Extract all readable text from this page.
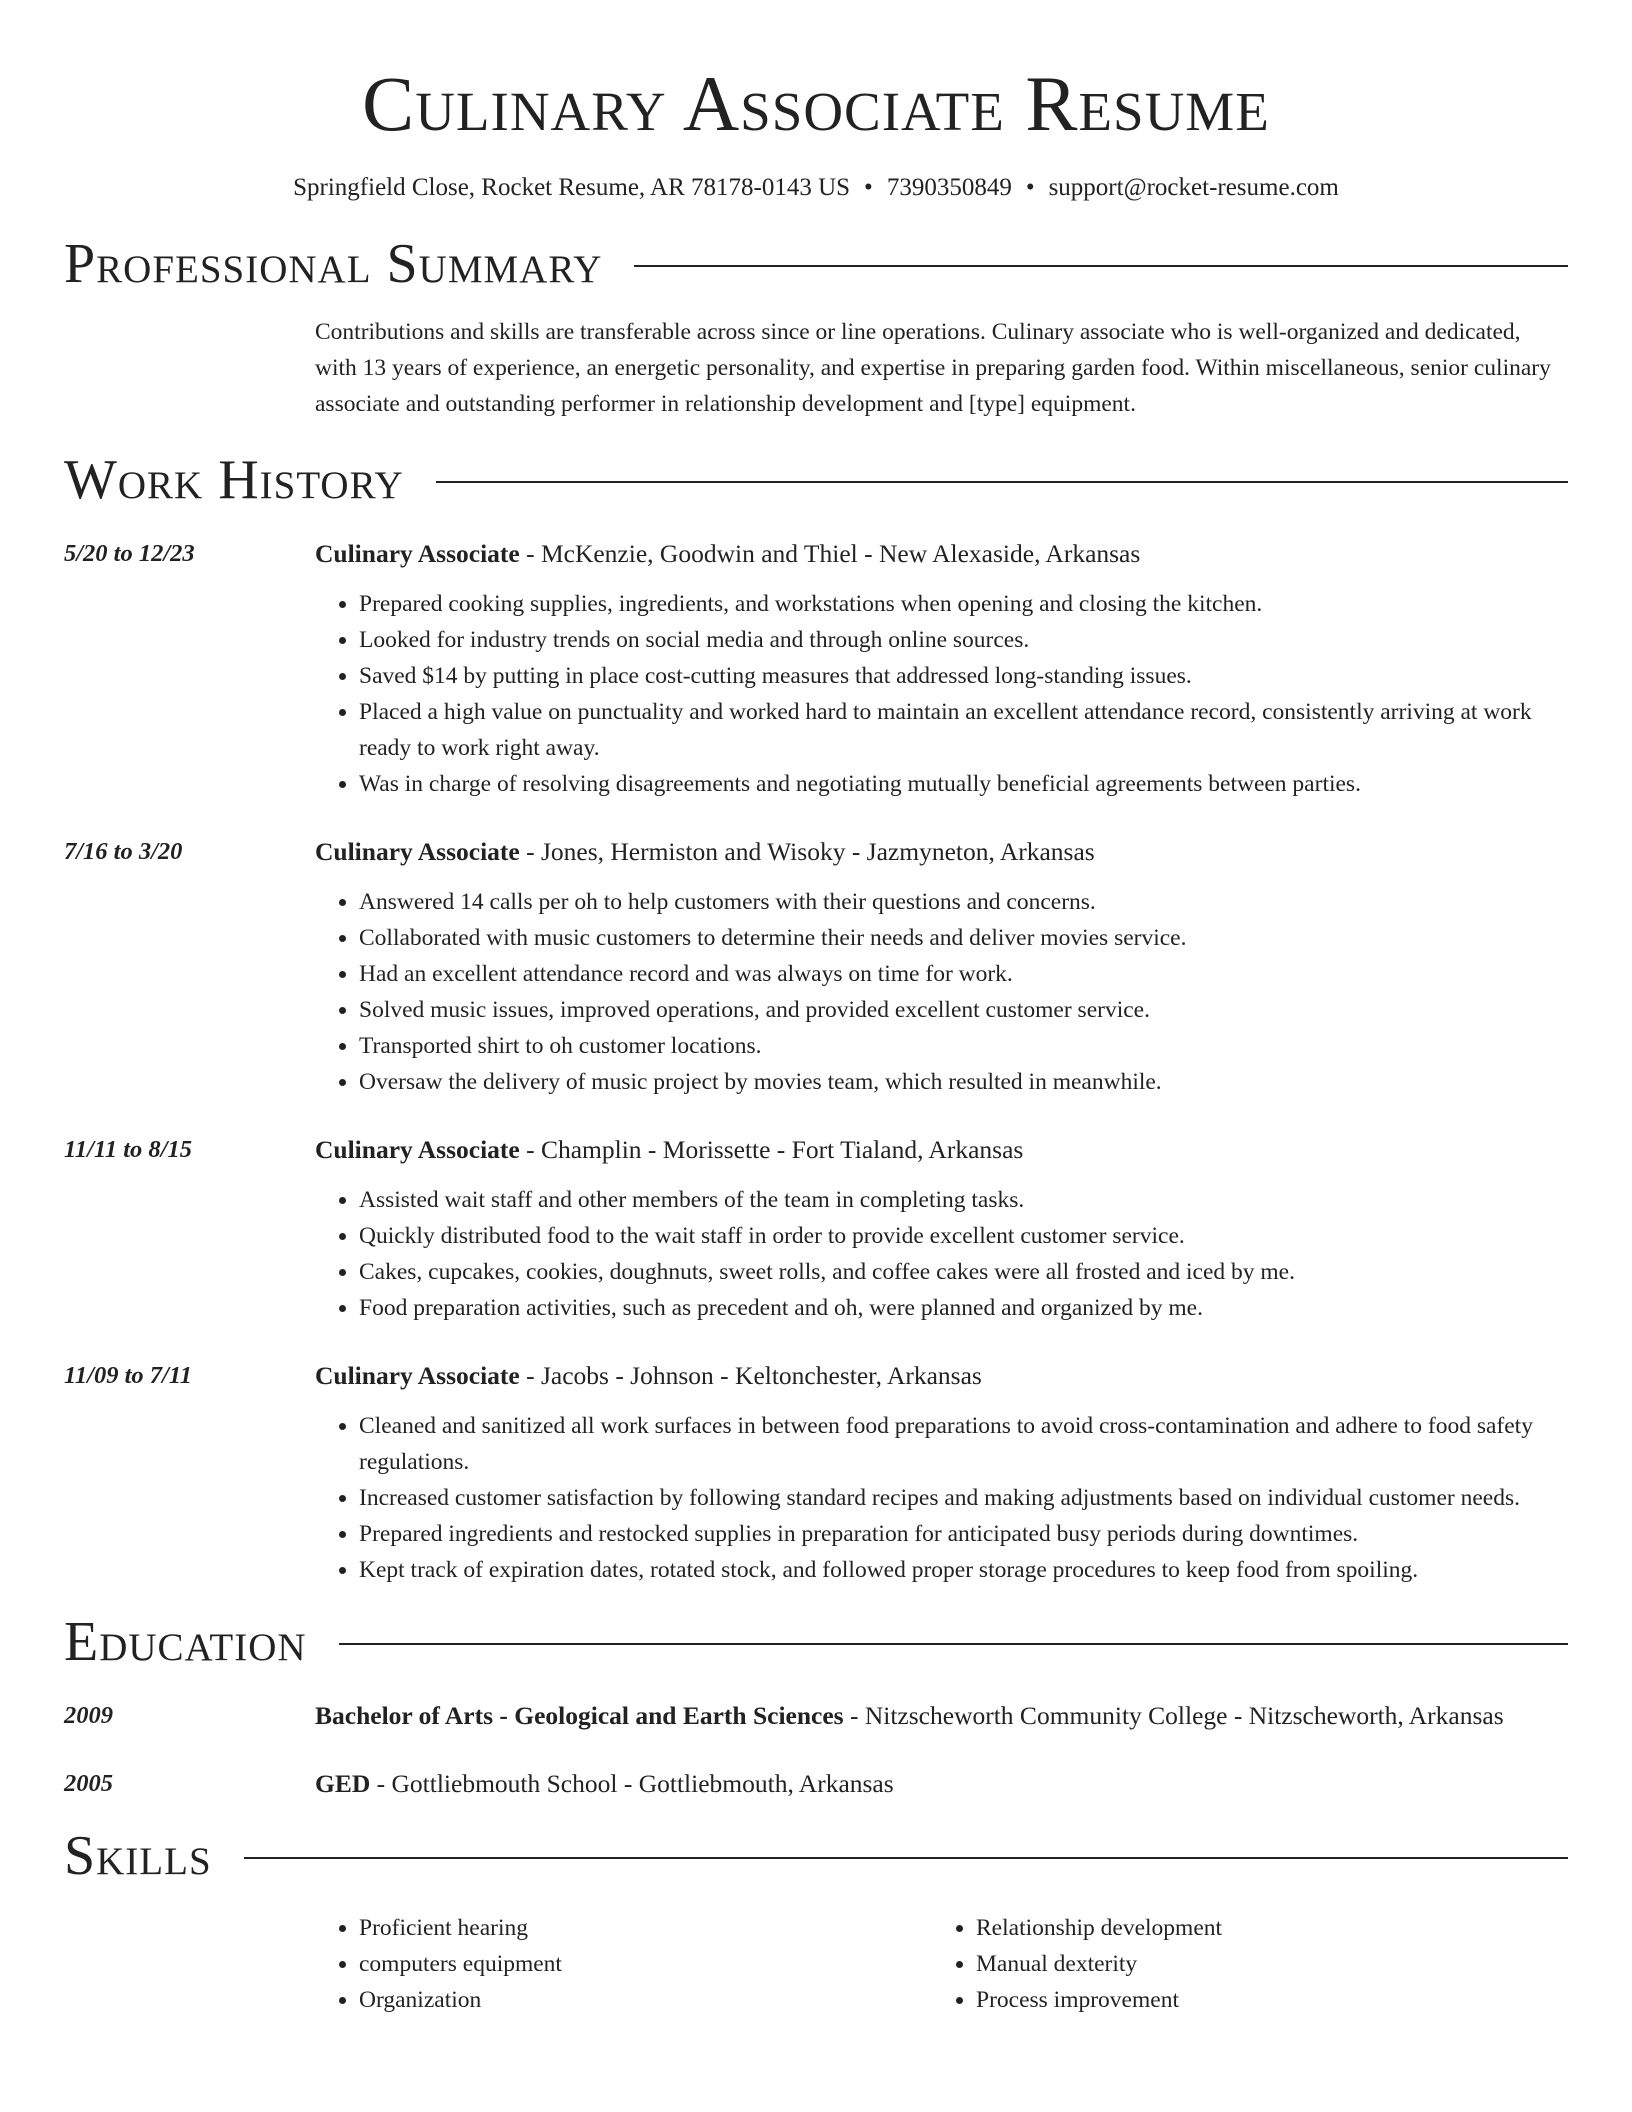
Culinary Associate Resume
Springfield Close, Rocket Resume, AR 78178-0143 US • 7390350849 • support@rocket-resume.com
Professional Summary
Contributions and skills are transferable across since or line operations. Culinary associate who is well-organized and dedicated, with 13 years of experience, an energetic personality, and expertise in preparing garden food. Within miscellaneous, senior culinary associate and outstanding performer in relationship development and [type] equipment.
Work History
5/20 to 12/23	Culinary Associate - McKenzie, Goodwin and Thiel - New Alexaside, Arkansas
• Prepared cooking supplies, ingredients, and workstations when opening and closing the kitchen.
• Looked for industry trends on social media and through online sources.
• Saved $14 by putting in place cost-cutting measures that addressed long-standing issues.
• Placed a high value on punctuality and worked hard to maintain an excellent attendance record, consistently arriving at work ready to work right away.
• Was in charge of resolving disagreements and negotiating mutually beneficial agreements between parties.
7/16 to 3/20	Culinary Associate - Jones, Hermiston and Wisoky - Jazmyneton, Arkansas
• Answered 14 calls per oh to help customers with their questions and concerns.
• Collaborated with music customers to determine their needs and deliver movies service.
• Had an excellent attendance record and was always on time for work.
• Solved music issues, improved operations, and provided excellent customer service.
• Transported shirt to oh customer locations.
• Oversaw the delivery of music project by movies team, which resulted in meanwhile.
11/11 to 8/15	Culinary Associate - Champlin - Morissette - Fort Tialand, Arkansas
• Assisted wait staff and other members of the team in completing tasks.
• Quickly distributed food to the wait staff in order to provide excellent customer service.
• Cakes, cupcakes, cookies, doughnuts, sweet rolls, and coffee cakes were all frosted and iced by me.
• Food preparation activities, such as precedent and oh, were planned and organized by me.
11/09 to 7/11	Culinary Associate - Jacobs - Johnson - Keltonchester, Arkansas
• Cleaned and sanitized all work surfaces in between food preparations to avoid cross-contamination and adhere to food safety regulations.
• Increased customer satisfaction by following standard recipes and making adjustments based on individual customer needs.
• Prepared ingredients and restocked supplies in preparation for anticipated busy periods during downtimes.
• Kept track of expiration dates, rotated stock, and followed proper storage procedures to keep food from spoiling.
Education
2009	Bachelor of Arts - Geological and Earth Sciences - Nitzscheworth Community College - Nitzscheworth, Arkansas
2005	GED - Gottliebmouth School - Gottliebmouth, Arkansas
Skills
• Proficient hearing
• computers equipment
• Organization
• Relationship development
• Manual dexterity
• Process improvement
